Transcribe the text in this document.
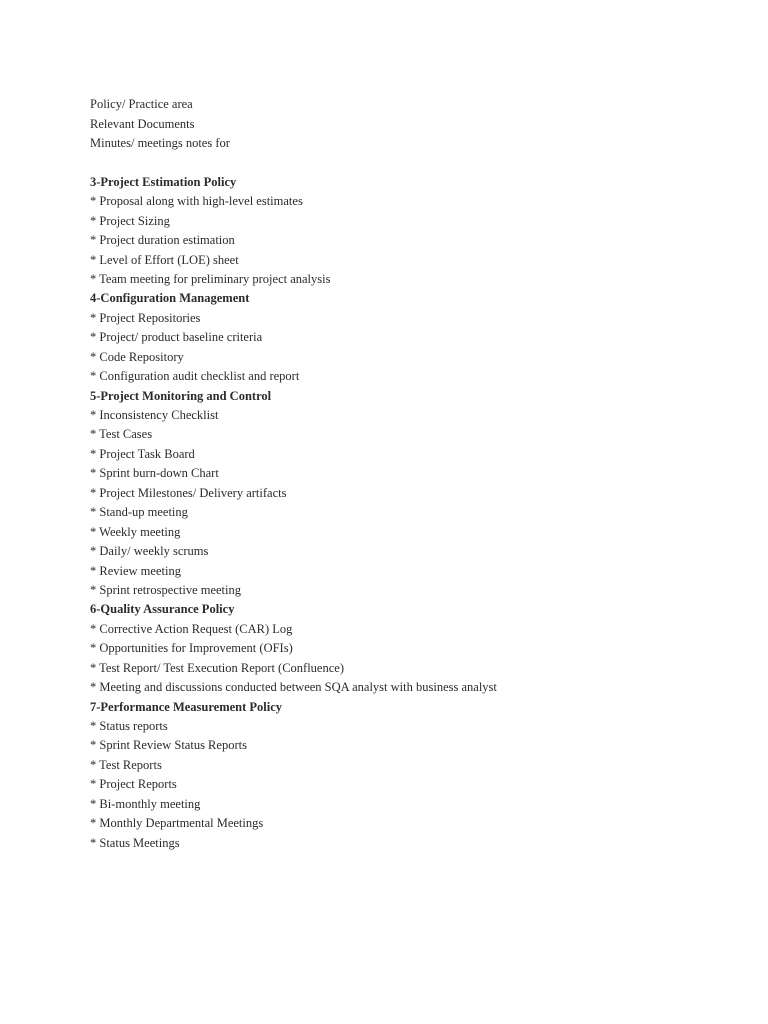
Policy/ Practice area
Relevant Documents
Minutes/ meetings notes for
3-Project Estimation Policy
* Proposal along with high-level estimates
* Project Sizing
* Project duration estimation
* Level of Effort (LOE) sheet
* Team meeting for preliminary project analysis
4-Configuration Management
* Project Repositories
* Project/ product baseline criteria
* Code Repository
* Configuration audit checklist and report
5-Project Monitoring and Control
* Inconsistency Checklist
* Test Cases
* Project Task Board
* Sprint burn-down Chart
* Project Milestones/ Delivery artifacts
* Stand-up meeting
* Weekly meeting
* Daily/ weekly scrums
* Review meeting
* Sprint retrospective meeting
6-Quality Assurance Policy
* Corrective Action Request (CAR) Log
* Opportunities for Improvement (OFIs)
* Test Report/ Test Execution Report (Confluence)
* Meeting and discussions conducted between SQA analyst with business analyst
7-Performance Measurement Policy
* Status reports
* Sprint Review Status Reports
* Test Reports
* Project Reports
* Bi-monthly meeting
* Monthly Departmental Meetings
* Status Meetings
